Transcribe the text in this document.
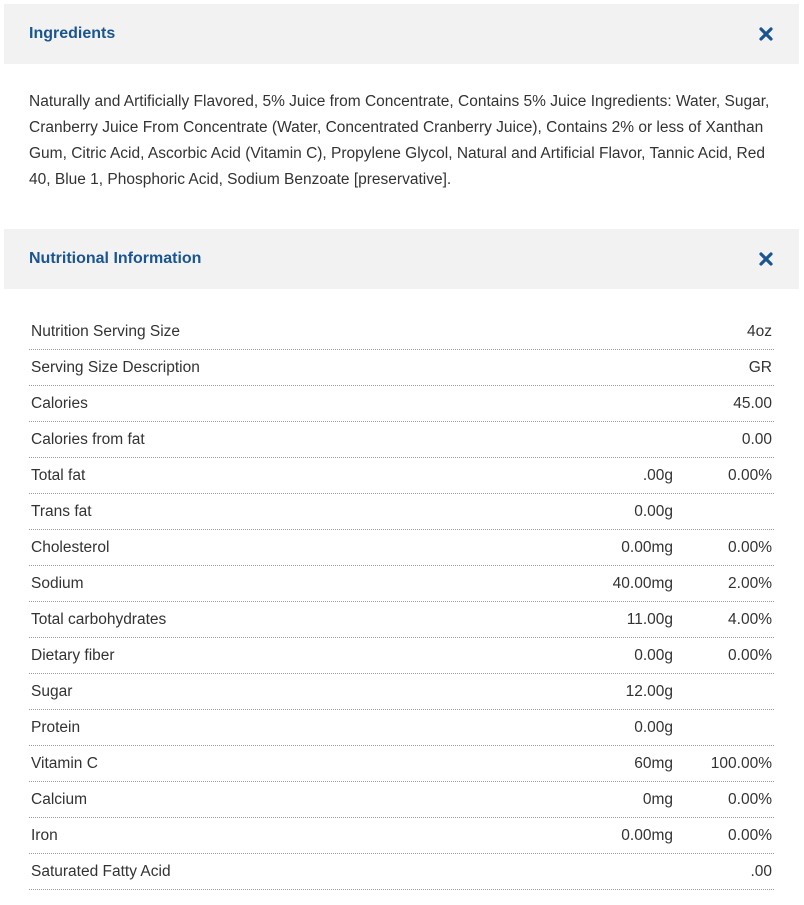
Ingredients
Naturally and Artificially Flavored, 5% Juice from Concentrate, Contains 5% Juice Ingredients: Water, Sugar, Cranberry Juice From Concentrate (Water, Concentrated Cranberry Juice), Contains 2% or less of Xanthan Gum, Citric Acid, Ascorbic Acid (Vitamin C), Propylene Glycol, Natural and Artificial Flavor, Tannic Acid, Red 40, Blue 1, Phosphoric Acid, Sodium Benzoate [preservative].
Nutritional Information
Nutrition Serving Size	4oz
Serving Size Description	GR
Calories	45.00
Calories from fat	0.00
Total fat	.00g	0.00%
Trans fat	0.00g
Cholesterol	0.00mg	0.00%
Sodium	40.00mg	2.00%
Total carbohydrates	11.00g	4.00%
Dietary fiber	0.00g	0.00%
Sugar	12.00g
Protein	0.00g
Vitamin C	60mg 100.00%
Calcium	0mg	0.00%
Iron	0.00mg	0.00%
Saturated Fatty Acid	.00
